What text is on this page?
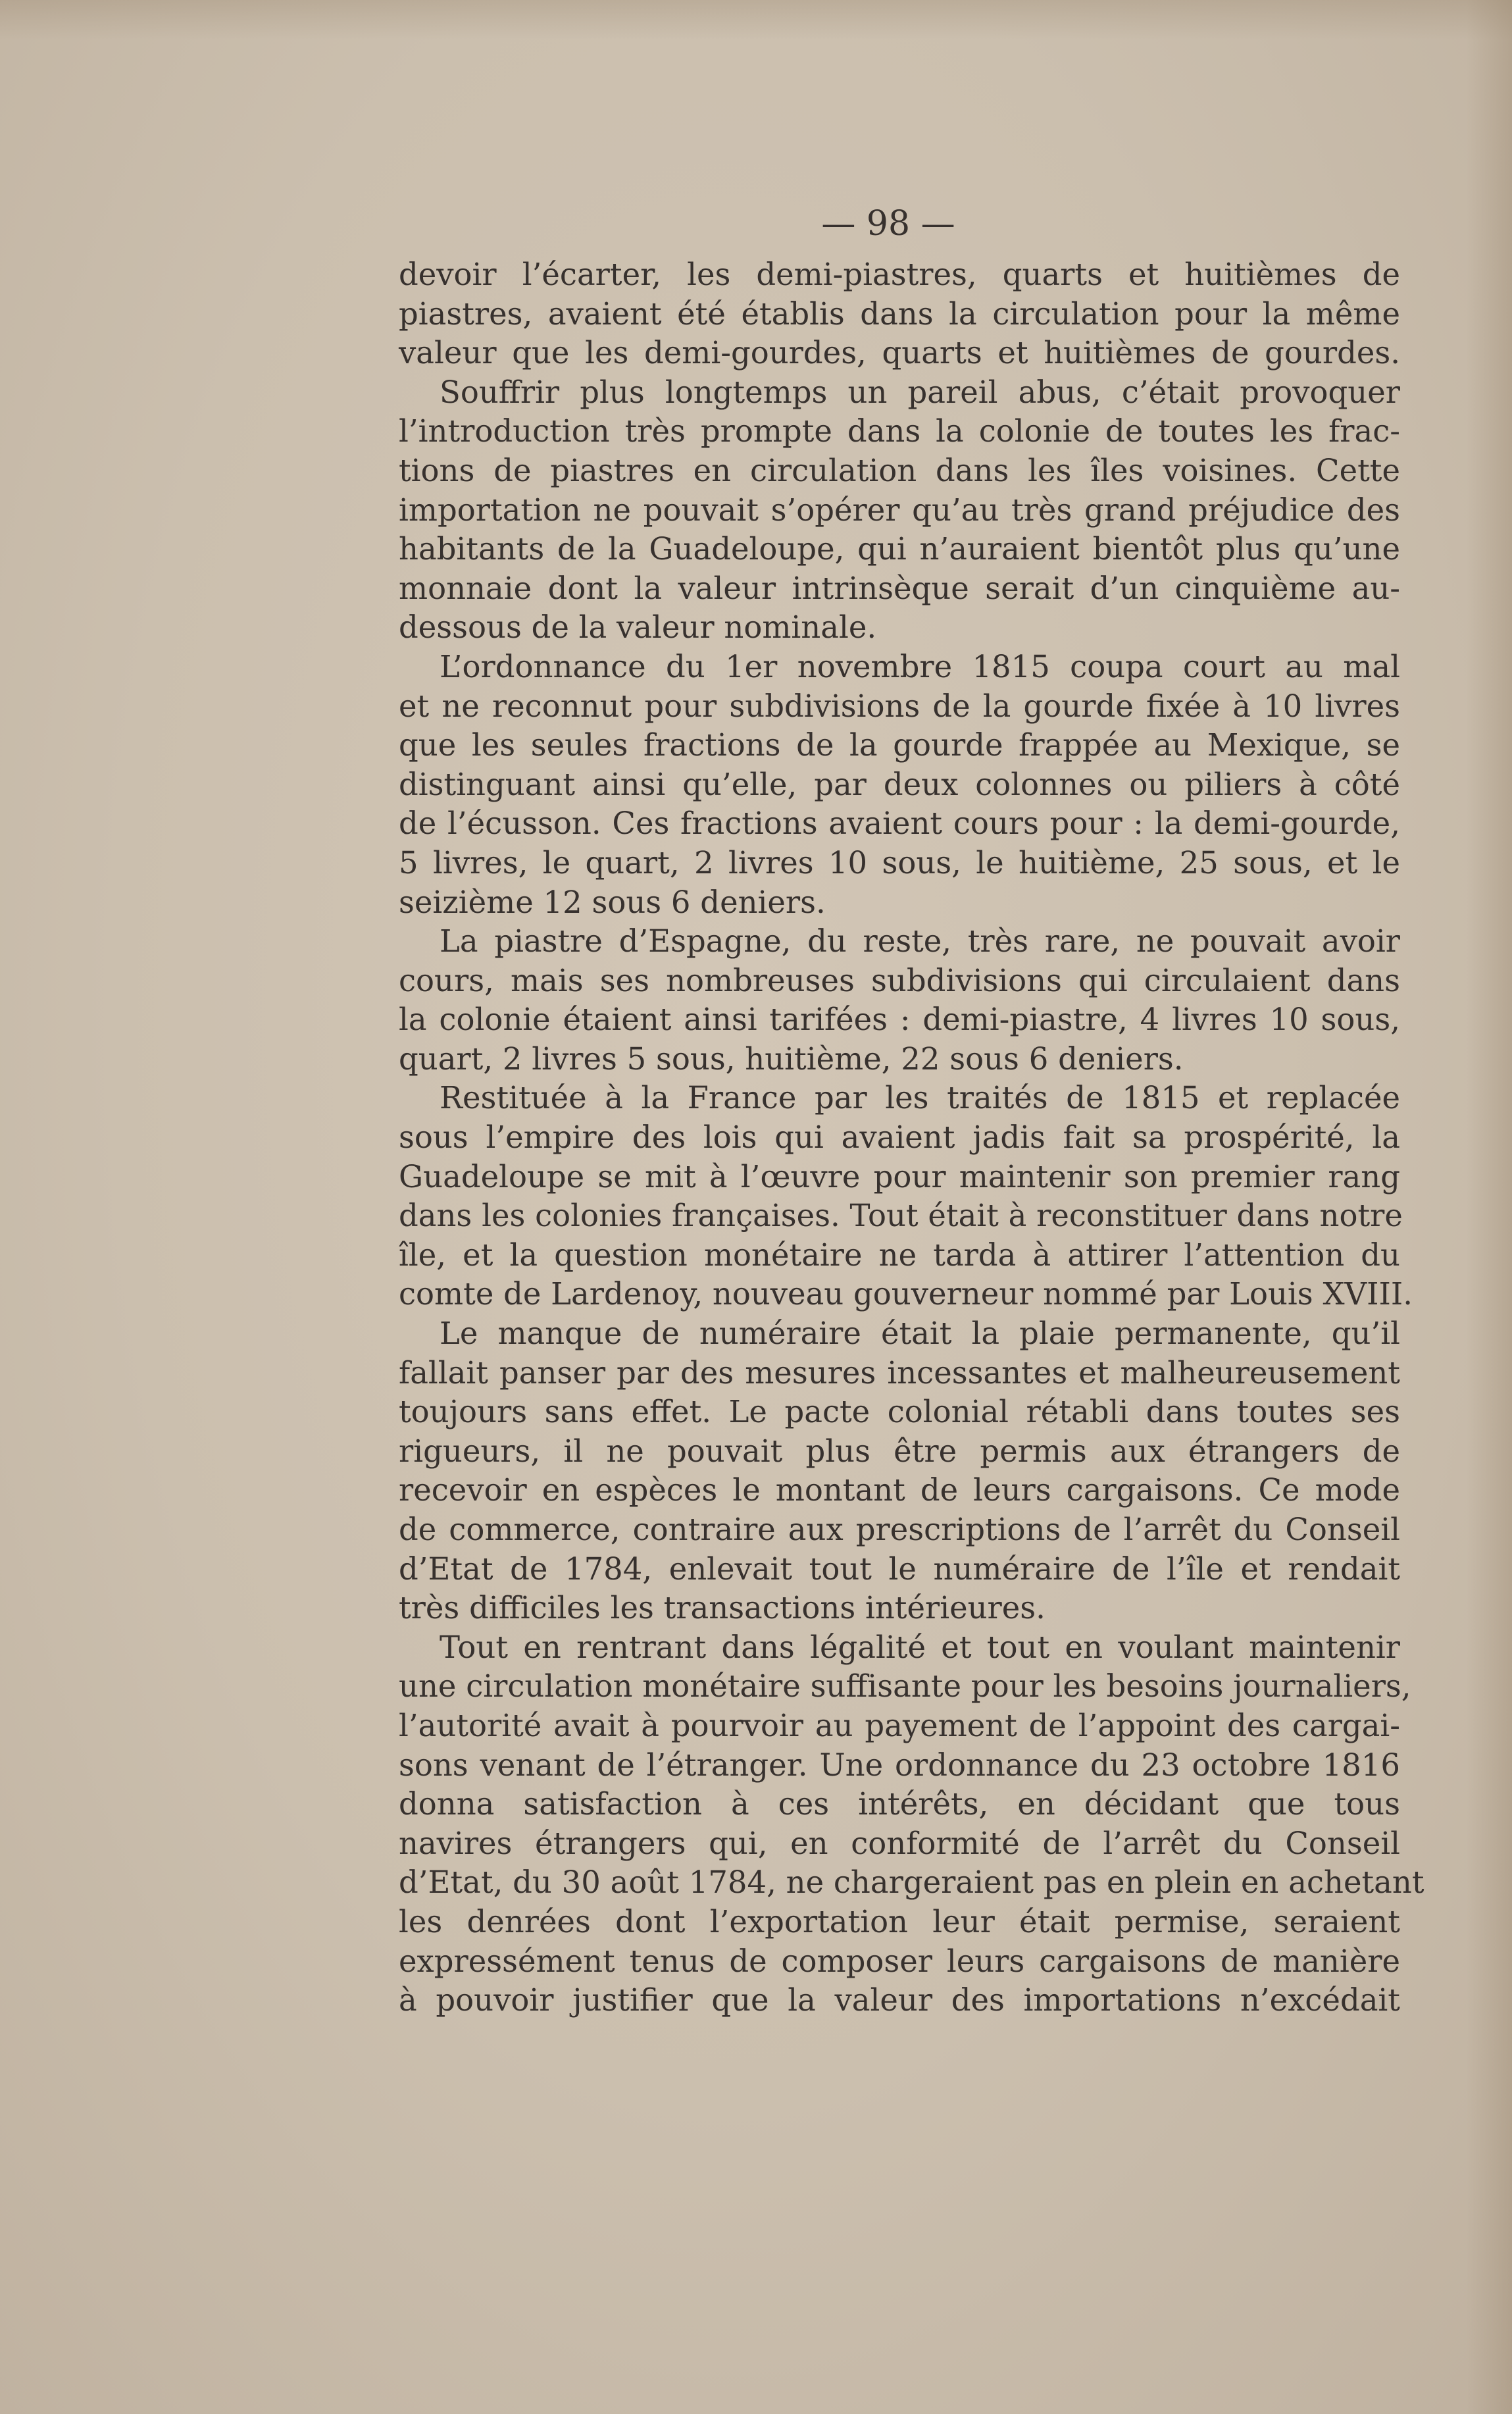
— 98 —
devoir l’écarter, les demi-piastres, quarts et huitièmes de
piastres, avaient été établis dans la circulation pour la même
valeur que les demi-gourdes, quarts et huitièmes de gourdes.
Souffrir plus longtemps un pareil abus, c’était provoquer
l’introduction très prompte dans la colonie de toutes les frac-
tions de piastres en circulation dans les îles voisines. Cette
importation ne pouvait s’opérer qu’au très grand préjudice des
habitants de la Guadeloupe, qui n’auraient bientôt plus qu’une
monnaie dont la valeur intrinsèque serait d’un cinquième au-
dessous de la valeur nominale.
L’ordonnance du 1er novembre 1815 coupa court au mal
et ne reconnut pour subdivisions de la gourde fixée à 10 livres
que les seules fractions de la gourde frappée au Mexique, se
distinguant ainsi qu’elle, par deux colonnes ou piliers à côté
de l’écusson. Ces fractions avaient cours pour : la demi-gourde,
5 livres, le quart, 2 livres 10 sous, le huitième, 25 sous, et le
seizième 12 sous 6 deniers.
La piastre d’Espagne, du reste, très rare, ne pouvait avoir
cours, mais ses nombreuses subdivisions qui circulaient dans
la colonie étaient ainsi tarifées : demi-piastre, 4 livres 10 sous,
quart, 2 livres 5 sous, huitième, 22 sous 6 deniers.
Restituée à la France par les traités de 1815 et replacée
sous l’empire des lois qui avaient jadis fait sa prospérité, la
Guadeloupe se mit à l’œuvre pour maintenir son premier rang
dans les colonies françaises. Tout était à reconstituer dans notre
île, et la question monétaire ne tarda à attirer l’attention du
comte de Lardenoy, nouveau gouverneur nommé par Louis XVIII.
Le manque de numéraire était la plaie permanente, qu’il
fallait panser par des mesures incessantes et malheureusement
toujours sans effet. Le pacte colonial rétabli dans toutes ses
rigueurs, il ne pouvait plus être permis aux étrangers de
recevoir en espèces le montant de leurs cargaisons. Ce mode
de commerce, contraire aux prescriptions de l’arrêt du Conseil
d’Etat de 1784, enlevait tout le numéraire de l’île et rendait
très difficiles les transactions intérieures.
Tout en rentrant dans légalité et tout en voulant maintenir
une circulation monétaire suffisante pour les besoins journaliers,
l’autorité avait à pourvoir au payement de l’appoint des cargai-
sons venant de l’étranger. Une ordonnance du 23 octobre 1816
donna satisfaction à ces intérêts, en décidant que tous
navires étrangers qui, en conformité de l’arrêt du Conseil
d’Etat, du 30 août 1784, ne chargeraient pas en plein en achetant
les denrées dont l’exportation leur était permise, seraient
expressément tenus de composer leurs cargaisons de manière
à pouvoir justifier que la valeur des importations n’excédait
